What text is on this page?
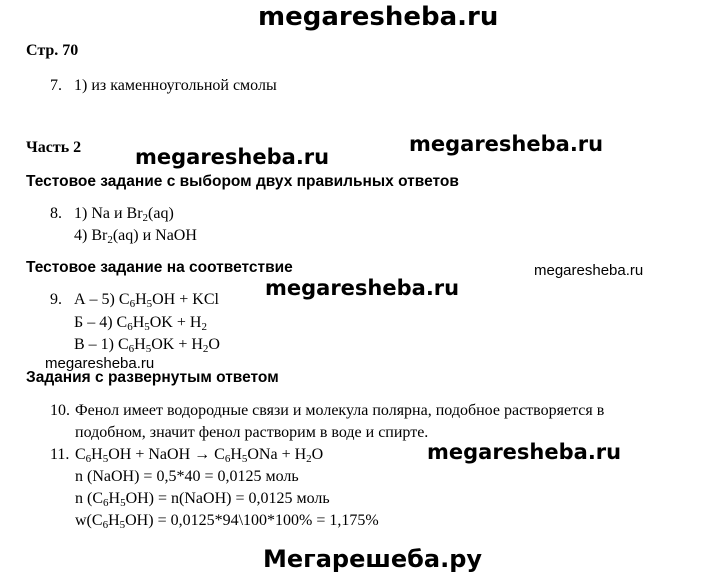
megaresheba.ru
megaresheba.ru
megaresheba.ru
megaresheba.ru
megaresheba.ru
megaresheba.ru
megaresheba.ru
Мегарешеба.ру
Стр. 70
7. 1) из каменноугольной смолы
Часть 2
Тестовое задание с выбором двух правильных ответов
8. 1) Na и $Br_2(aq)$
4) $Br_2(aq)$ и NaOH
Тестовое задание на соответствие
9. А – 5) $C_6H_5OH$ + KCl
Б – 4) $C_6H_5OK + H_2$
В – 1) $C_6H_5OK + H_2O$
Задания с развернутым ответом
10. Фенол имеет водородные связи и молекула полярна, подобное растворяется в
подобном, значит фенол растворим в воде и спирте.
11. $C_6H_5OH$ + NaOH → $C_6H_5ONa + H_2O$
n (NaOH) = 0,5*40 = 0,0125 моль
n $(C_6H_5OH)$ = n(NaOH) = 0,0125 моль
$w(C_6H_5OH)$ = 0,0125*94\100*100% = 1,175%
